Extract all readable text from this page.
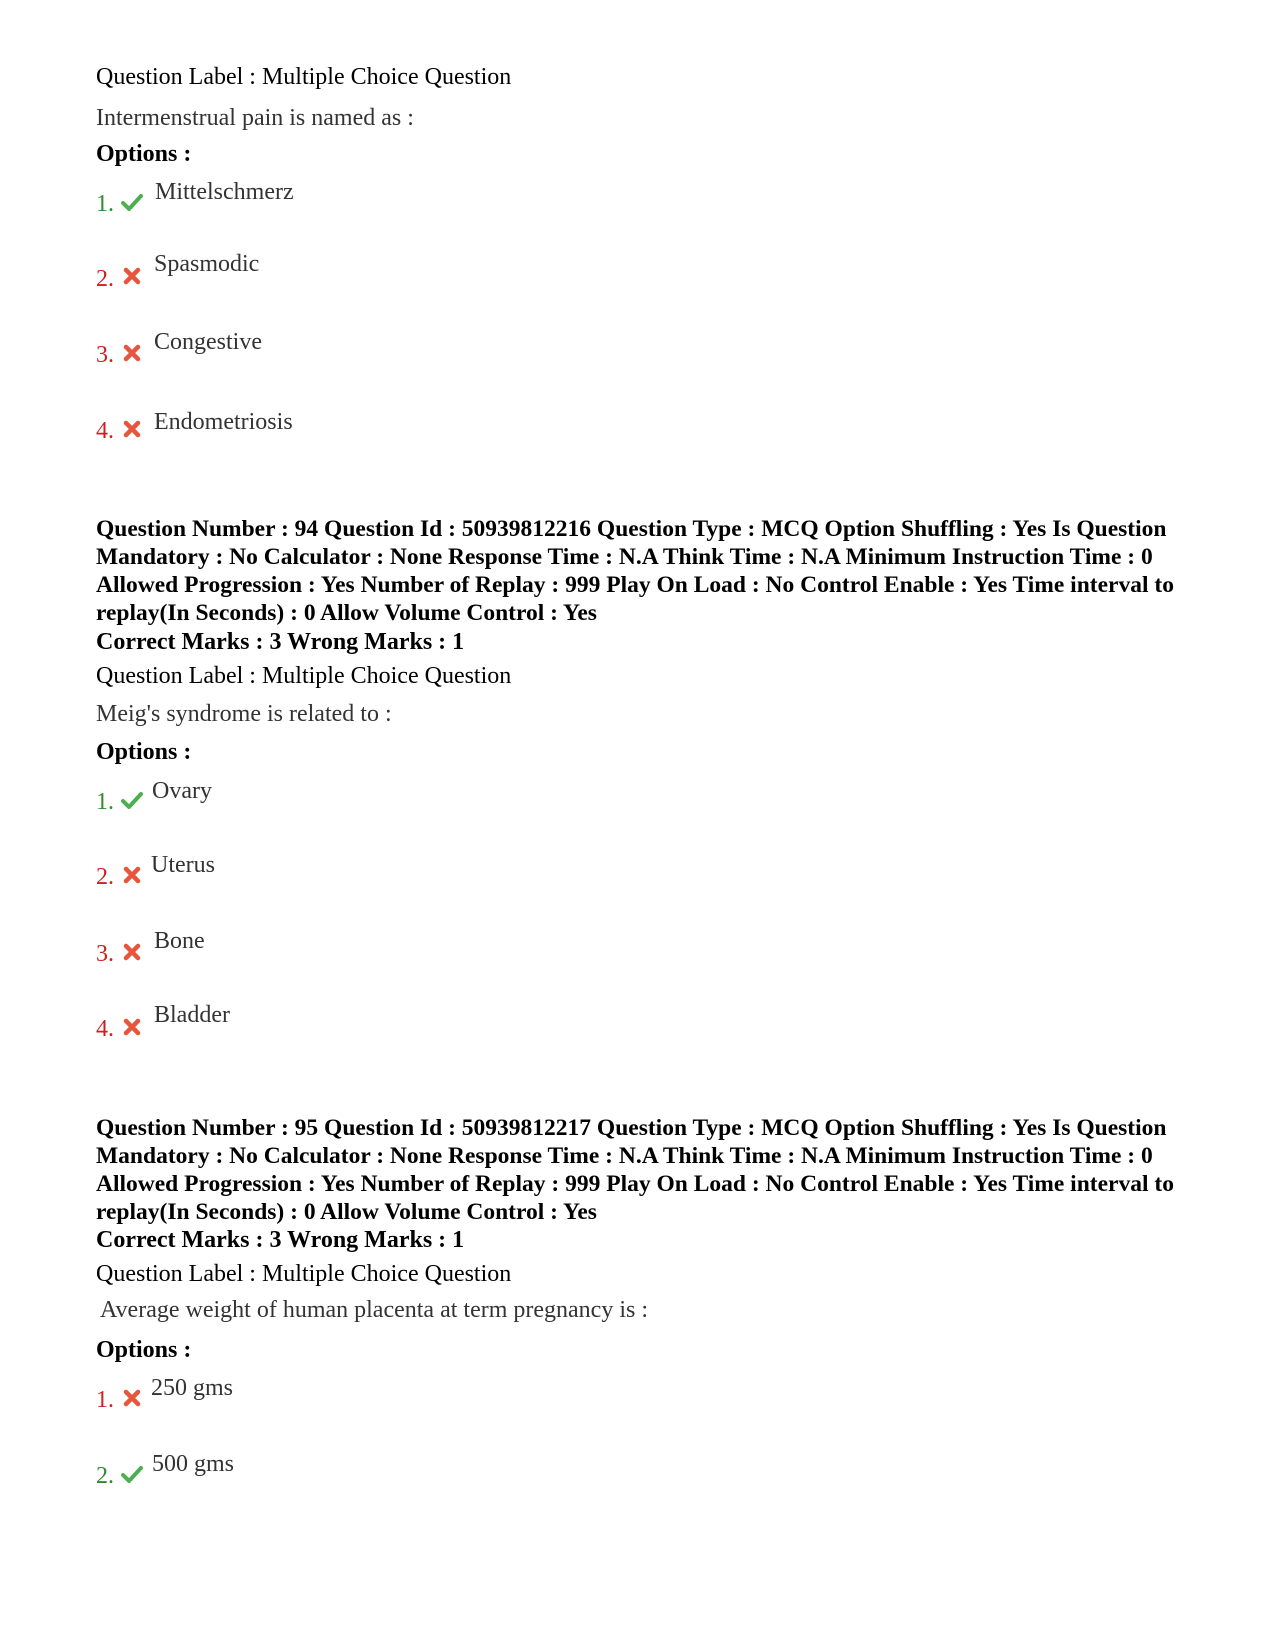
Question Label : Multiple Choice Question
Intermenstrual pain is named as :
Options :
1. Mittelschmerz
2.
Spasmodic
3. Congestive
4. Endometriosis
Question Number : 94 Question Id : 50939812216 Question Type : MCQ Option Shuffling : Yes Is Question Mandatory : No Calculator : None Response Time : N.A Think Time : N.A Minimum Instruction Time : 0 Allowed Progression : Yes Number of Replay : 999 Play On Load : No Control Enable : Yes Time interval to replay(In Seconds) : 0 Allow Volume Control : Yes
Correct Marks : 3 Wrong Marks : 1
Question Label : Multiple Choice Question
Meig's syndrome is related to :
Options :
1. Ovary
2. Uterus
3. Bone
4.
Bladder
Question Number : 95 Question Id : 50939812217 Question Type : MCQ Option Shuffling : Yes Is Question Mandatory : No Calculator : None Response Time : N.A Think Time : N.A Minimum Instruction Time : 0 Allowed Progression : Yes Number of Replay : 999 Play On Load : No Control Enable : Yes Time interval to replay(In Seconds) : 0 Allow Volume Control : Yes
Correct Marks : 3 Wrong Marks : 1
Question Label : Multiple Choice Question
Average weight of human placenta at term pregnancy is :
Options :
1. 250 gms
2. 500 gms
